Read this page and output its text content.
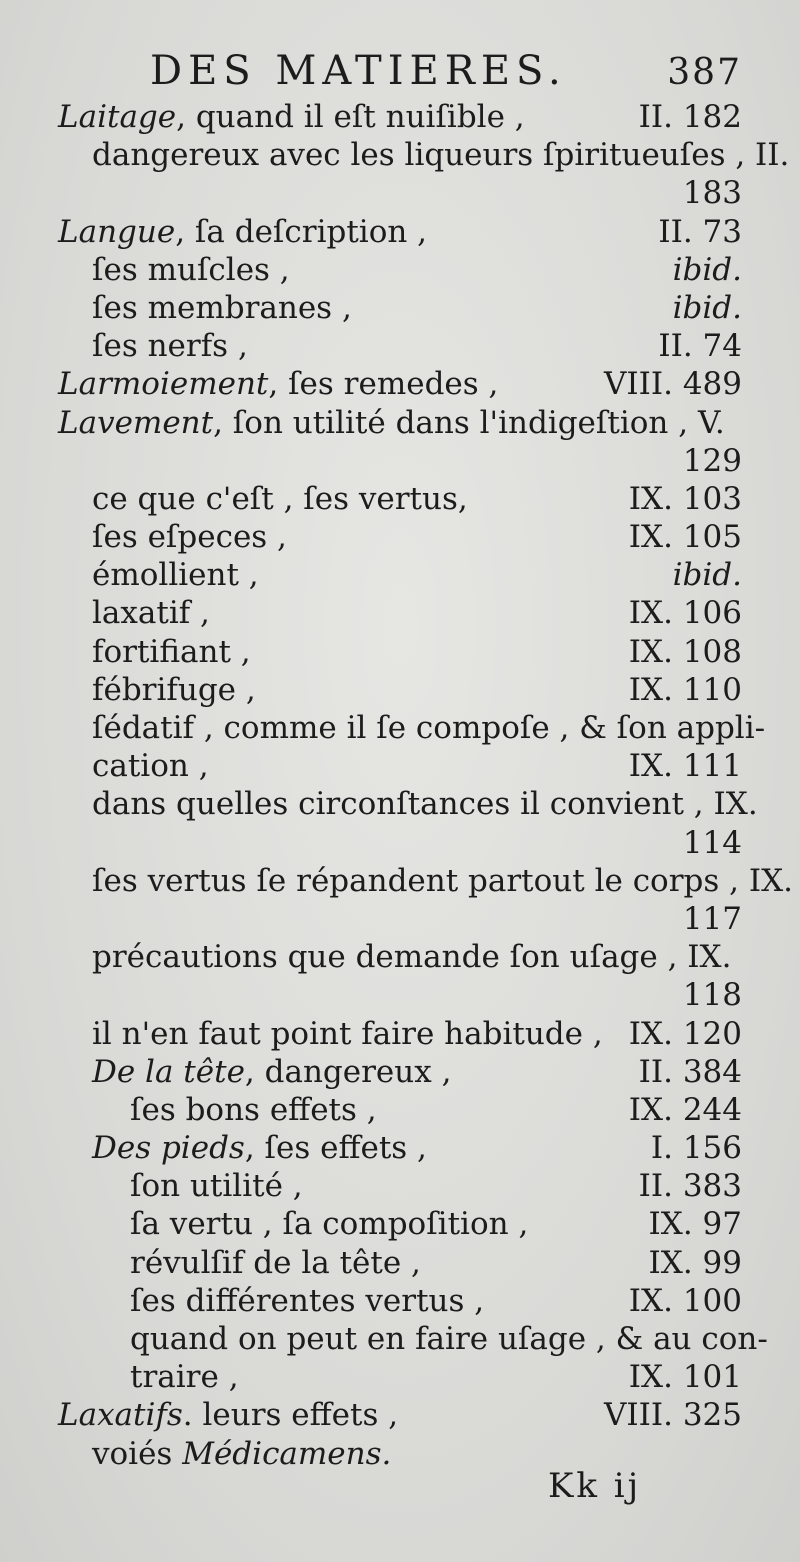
DES MATIERES.	387
Laitage, quand il eſt nuiſible ,	II. 182
dangereux avec les liqueurs ſpiritueuſes , II.
183
Langue, ſa deſcription ,	II. 73
ſes muſcles ,	ibid.
ſes membranes ,	ibid.
ſes nerfs ,	II. 74
Larmoiement, ſes remedes ,	VIII. 489
Lavement, ſon utilité dans l'indigeſtion , V.
129
ce que c'eſt , ſes vertus,	IX. 103
ſes eſpeces ,	IX. 105
émollient ,	ibid.
laxatif ,	IX. 106
fortifiant ,	IX. 108
fébrifuge ,	IX. 110
ſédatif , comme il ſe compoſe , & ſon appli-
cation ,	IX. 111
dans quelles circonſtances il convient , IX.
114
ſes vertus ſe répandent partout le corps , IX.
117
précautions que demande ſon uſage , IX.
118
il n'en faut point faire habitude , IX. 120
De la tête, dangereux ,	II. 384
ſes bons effets ,	IX. 244
Des pieds, ſes effets ,	I. 156
ſon utilité ,	II. 383
ſa vertu , ſa compoſition ,	IX. 97
révulſif de la tête ,	IX. 99
ſes différentes vertus ,	IX. 100
quand on peut en faire uſage , & au con-
traire ,	IX. 101
Laxatifs. leurs effets ,	VIII. 325
voiés Médicamens.
Kk ij
